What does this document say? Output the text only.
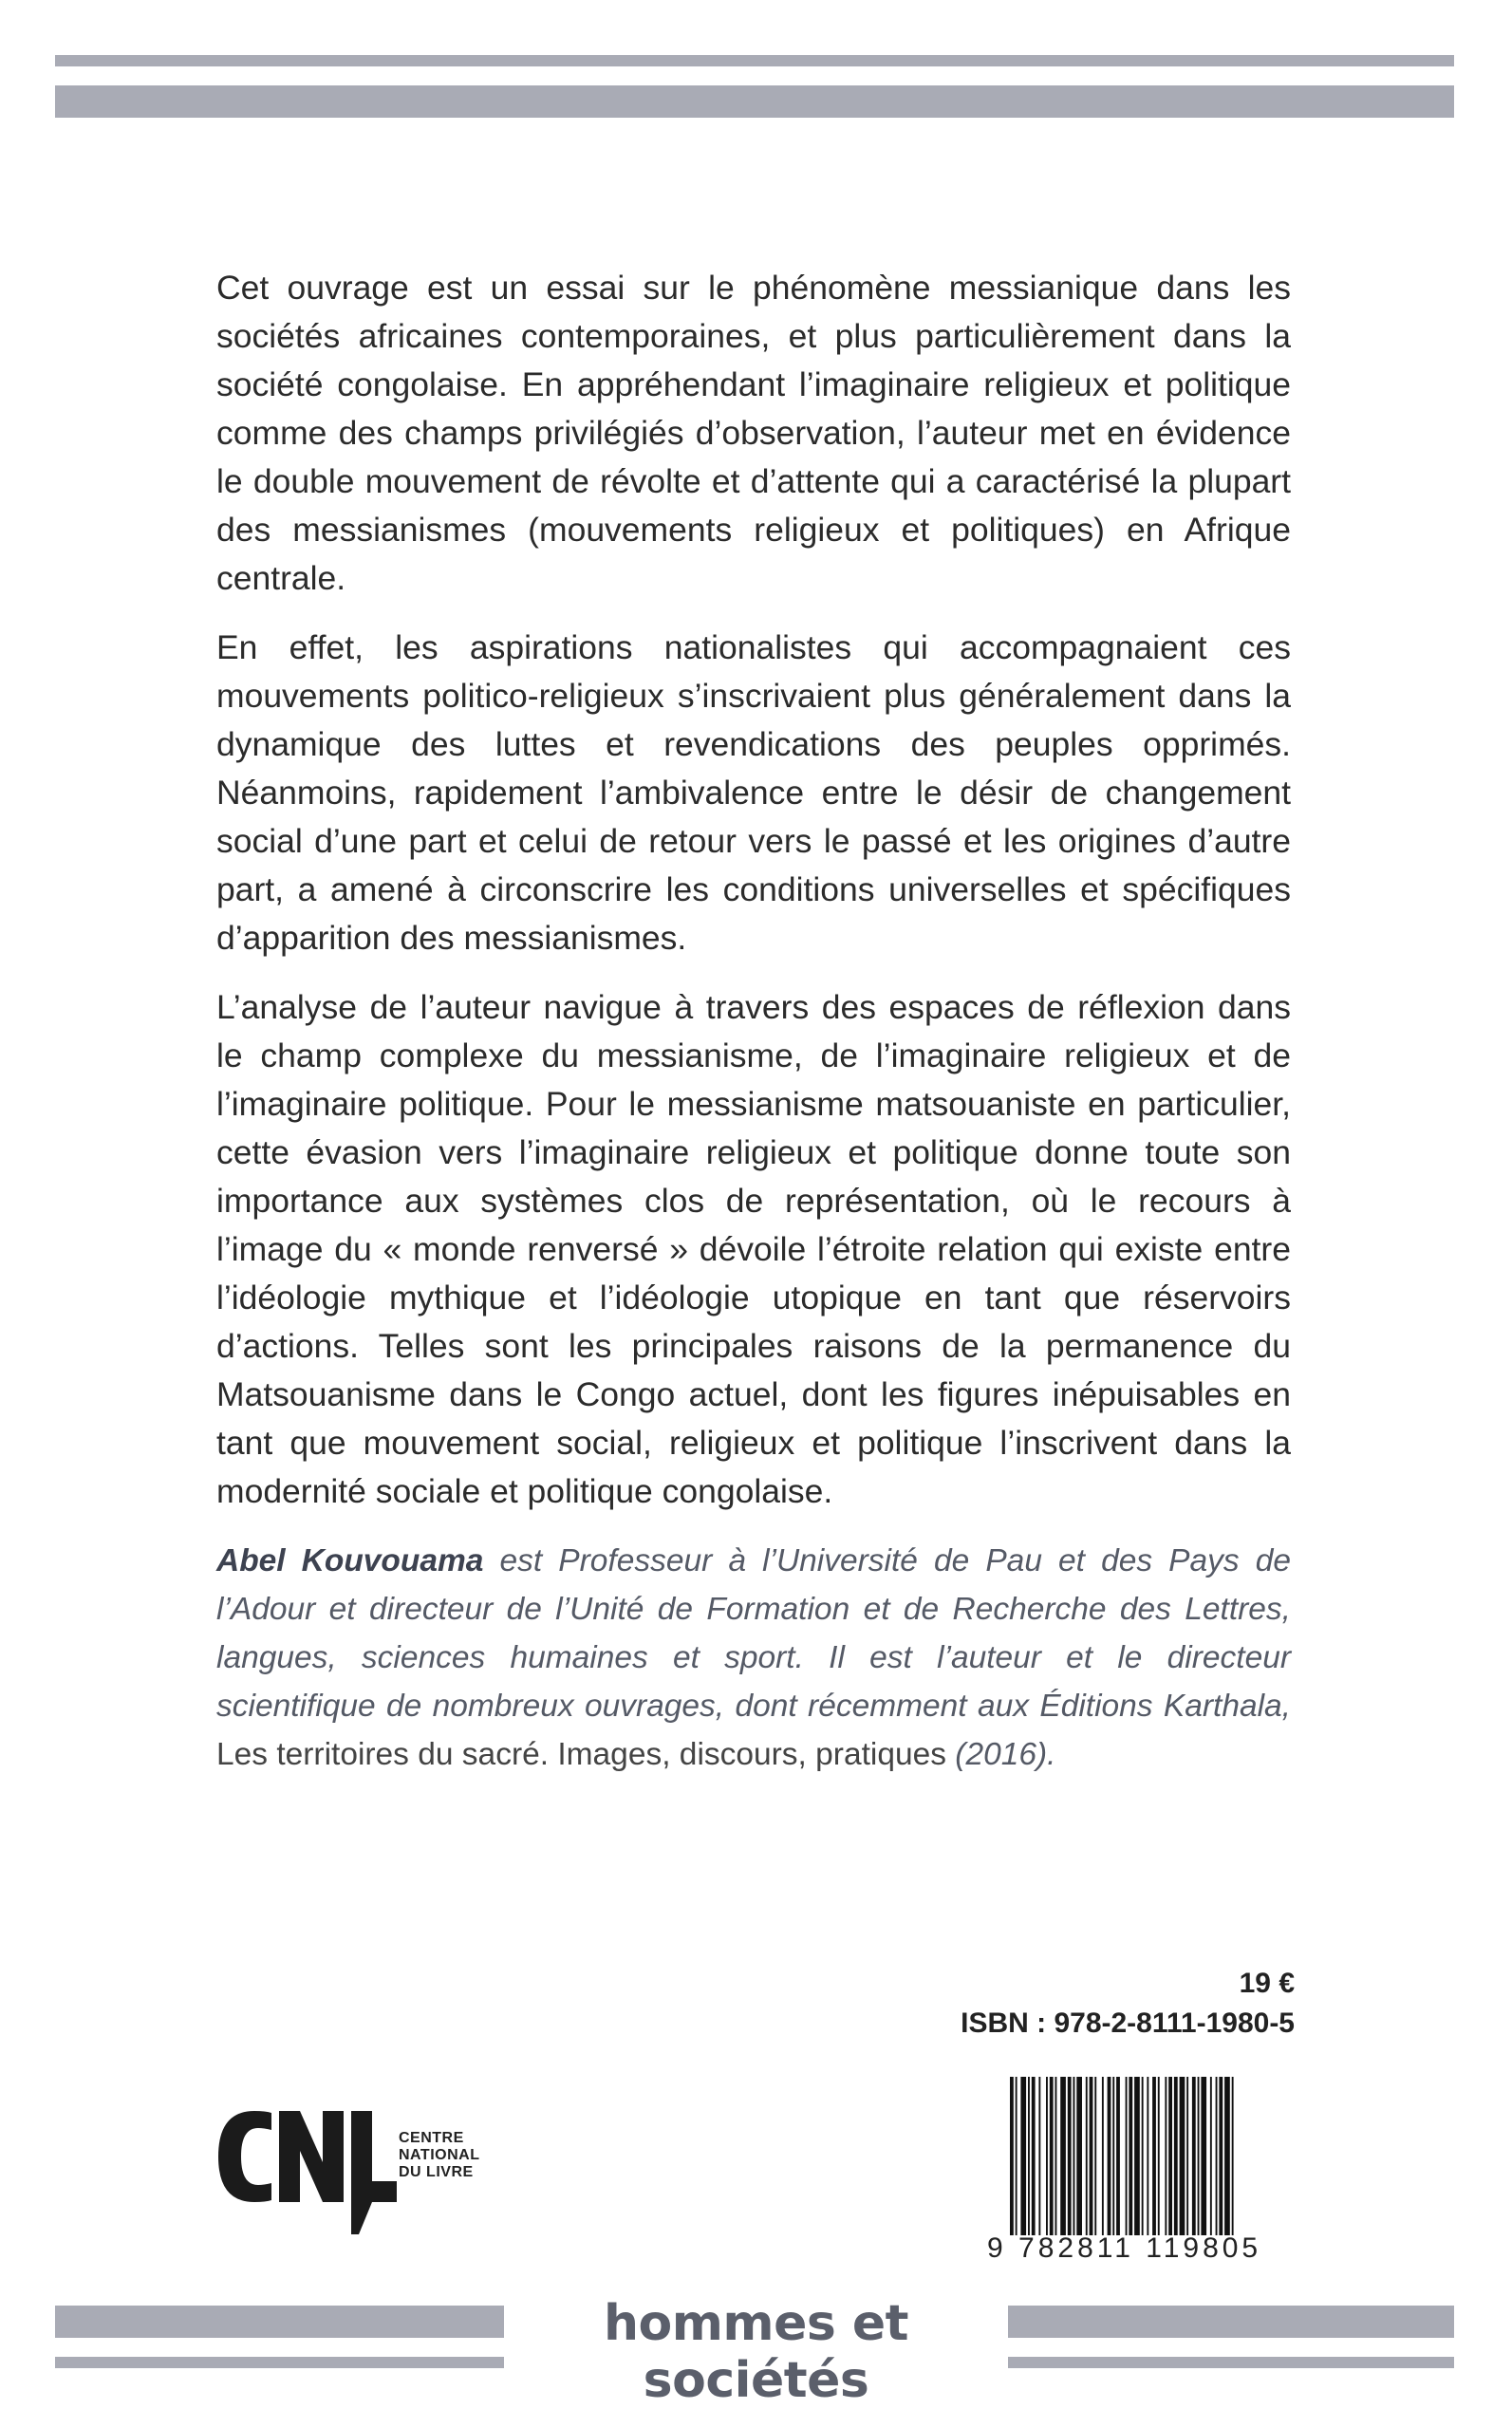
Cet ouvrage est un essai sur le phénomène messianique dans les sociétés africaines contemporaines, et plus particulièrement dans la société congolaise. En appréhendant l’imaginaire religieux et politique comme des champs privilégiés d’observation, l’auteur met en évidence le double mouvement de révolte et d’attente qui a caractérisé la plupart des messianismes (mouvements religieux et politiques) en Afrique centrale.

En effet, les aspirations nationalistes qui accompagnaient ces mouvements politico-religieux s’inscrivaient plus généralement dans la dynamique des luttes et revendications des peuples opprimés. Néanmoins, rapidement l’ambivalence entre le désir de changement social d’une part et celui de retour vers le passé et les origines d’autre part, a amené à circonscrire les conditions universelles et spécifiques d’apparition des messianismes.

L’analyse de l’auteur navigue à travers des espaces de réflexion dans le champ complexe du messianisme, de l’imaginaire religieux et de l’imaginaire politique. Pour le messianisme matsouaniste en particulier, cette évasion vers l’imaginaire religieux et politique donne toute son importance aux systèmes clos de représentation, où le recours à l’image du « monde renversé » dévoile l’étroite relation qui existe entre l’idéologie mythique et l’idéologie utopique en tant que réservoirs d’actions. Telles sont les principales raisons de la permanence du Matsouanisme dans le Congo actuel, dont les figures inépuisables en tant que mouvement social, religieux et politique l’inscrivent dans la modernité sociale et politique congolaise.

Abel Kouvouama est Professeur à l’Université de Pau et des Pays de l’Adour et directeur de l’Unité de Formation et de Recherche des Lettres, langues, sciences humaines et sport. Il est l’auteur et le directeur scientifique de nombreux ouvrages, dont récemment aux Éditions Karthala, Les territoires du sacré. Images, discours, pratiques (2016).

19 €
ISBN : 978-2-8111-1980-5
CENTRE
NATIONAL
DU LIVRE
9 782811 119805
hommes et sociétés
